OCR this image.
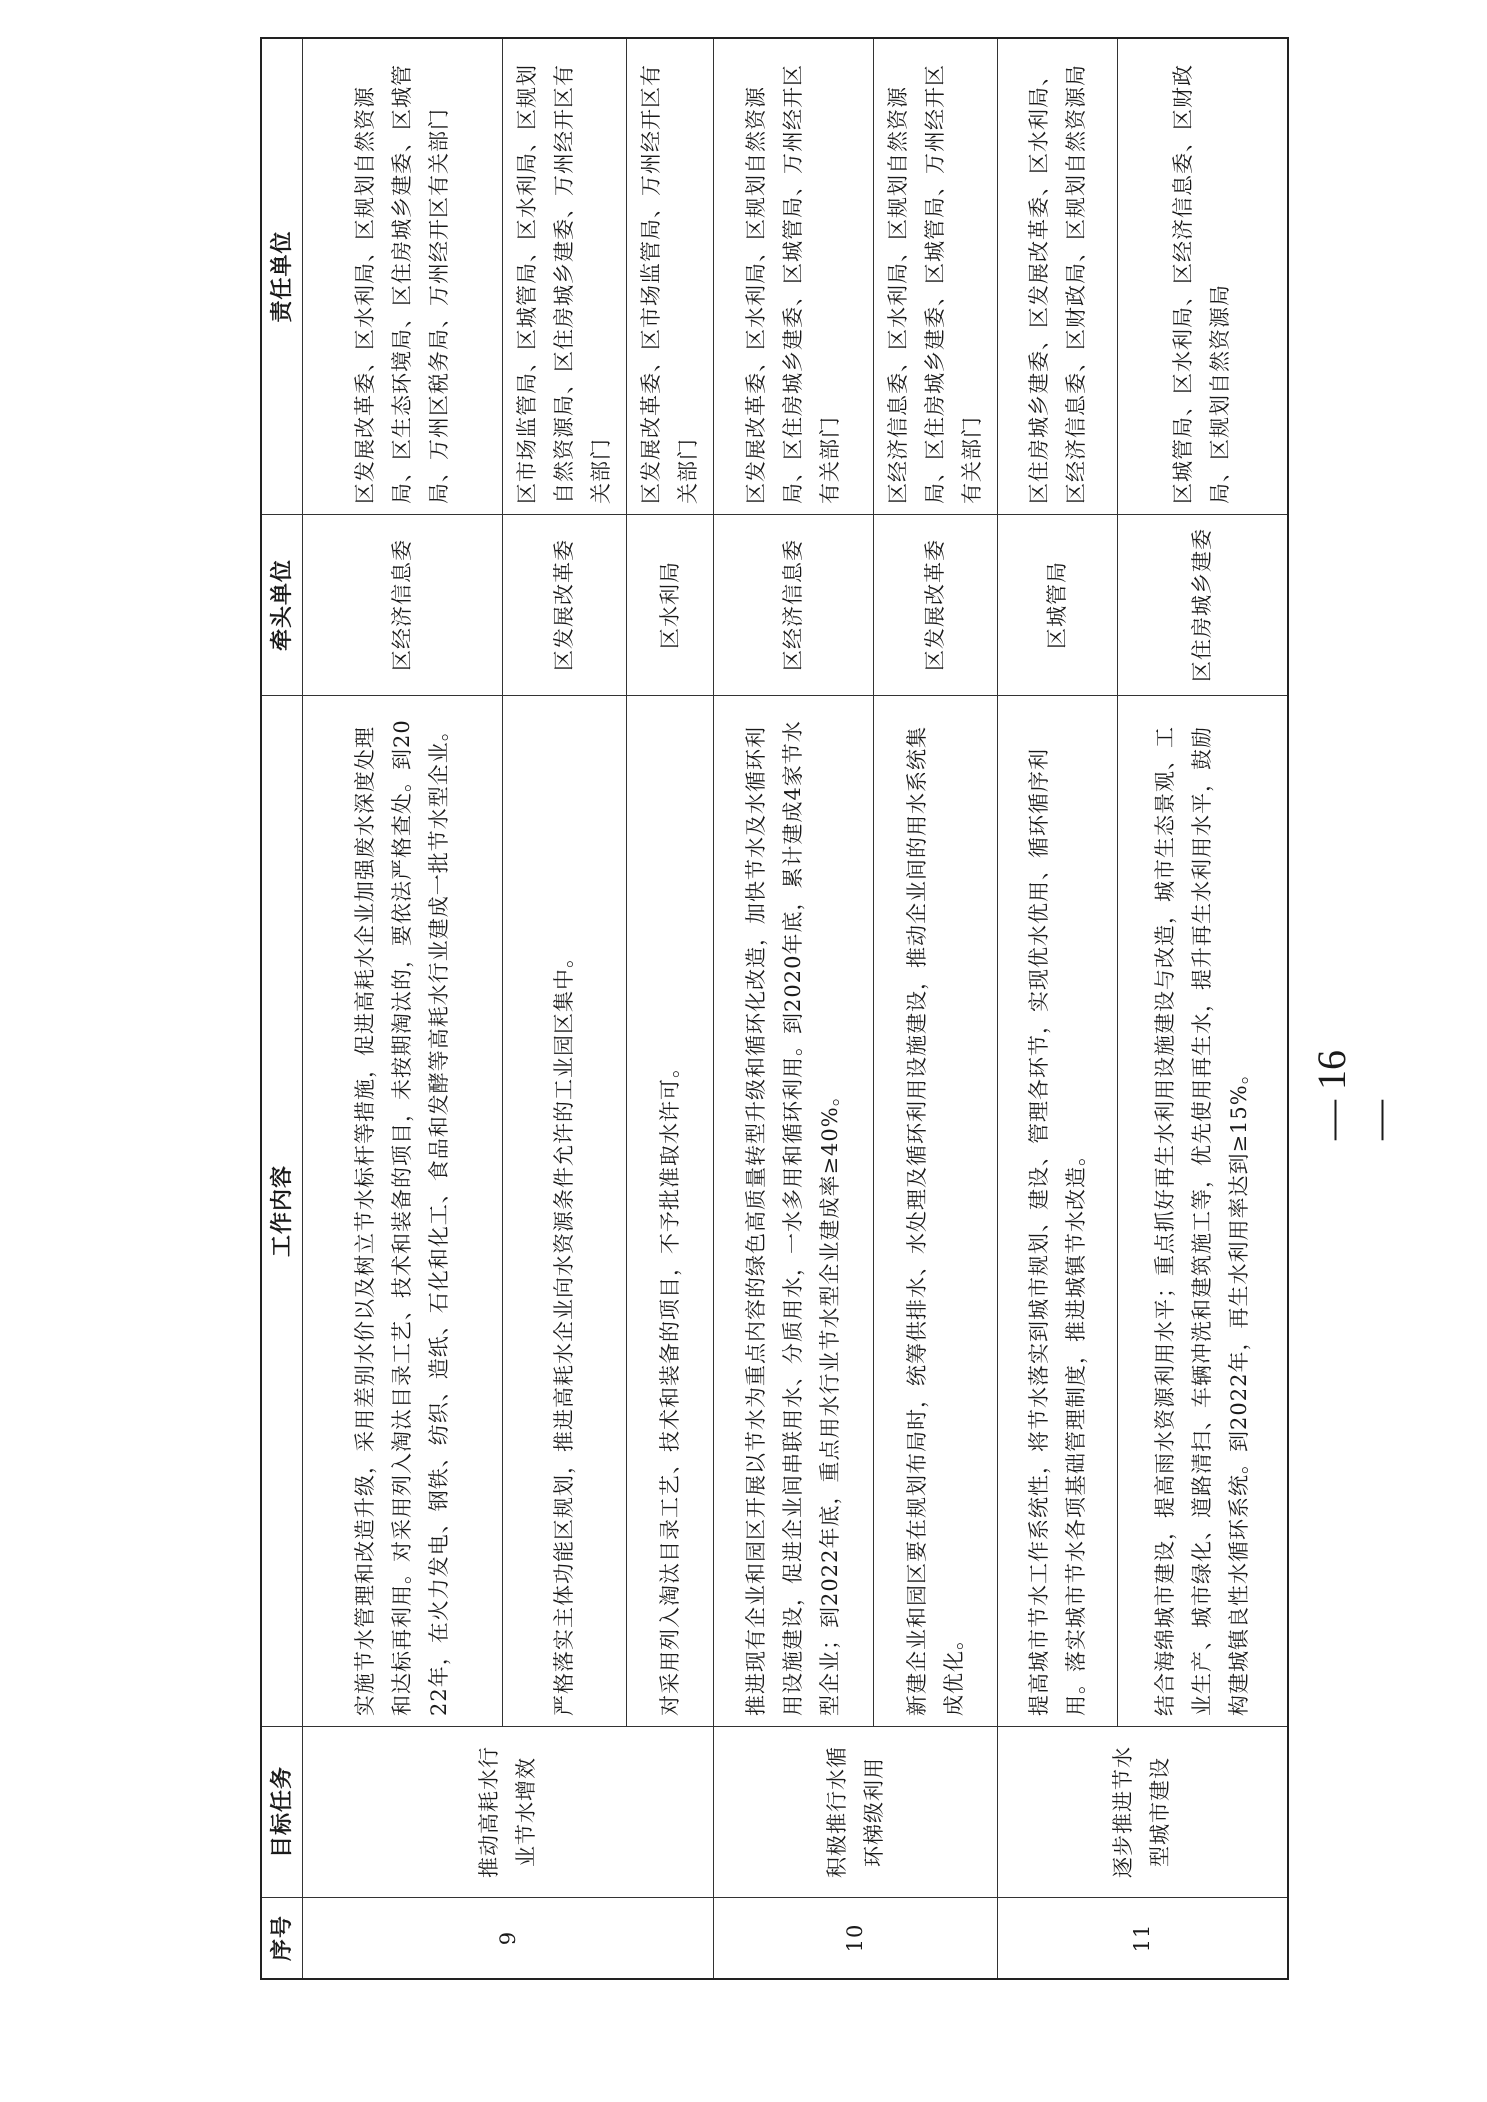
序号	目标任务	工作内容	牵头单位	责任单位
9	推动高耗水行业节水增效	实施节水管理和改造升级，采用差别水价以及树立节水标杆等措施，促进高耗水企业加强废水深度处理和达标再利用。对采用列入淘汰目录工艺、技术和装备的项目，未按期淘汰的，要依法严格查处。到2022年，在火力发电、钢铁、纺织、造纸、石化和化工、食品和发酵等高耗水行业建成一批节水型企业。	区经济信息委	区发展改革委、区水利局、区规划自然资源局、区生态环境局、区住房城乡建委、区城管局、万州区税务局、万州经开区有关部门
		严格落实主体功能区规划，推进高耗水企业向水资源条件允许的工业园区集中。	区发展改革委	区市场监管局、区城管局、区水利局、区规划自然资源局、区住房城乡建委、万州经开区有关部门
		对采用列入淘汰目录工艺、技术和装备的项目，不予批准取水许可。	区水利局	区发展改革委、区市场监管局、万州经开区有关部门
10	积极推行水循环梯级利用	推进现有企业和园区开展以节水为重点内容的绿色高质量转型升级和循环化改造，加快节水及水循环利用设施建设，促进企业间串联用水、分质用水，一水多用和循环利用。到2020年底，累计建成4家节水型企业；到2022年底，重点用水行业节水型企业建成率≥40%。	区经济信息委	区发展改革委、区水利局、区规划自然资源局、区住房城乡建委、区城管局、万州经开区有关部门
		新建企业和园区要在规划布局时，统筹供排水、水处理及循环利用设施建设，推动企业间的用水系统集成优化。	区发展改革委	区经济信息委、区水利局、区规划自然资源局、区住房城乡建委、区城管局、万州经开区有关部门
11	逐步推进节水型城市建设	提高城市节水工作系统性，将节水落实到城市规划、建设、管理各环节，实现优水优用、循环循序利用。落实城市节水各项基础管理制度，推进城镇节水改造。	区城管局	区住房城乡建委、区发展改革委、区水利局、区经济信息委、区财政局、区规划自然资源局
		结合海绵城市建设，提高雨水资源利用水平；重点抓好再生水利用设施建设与改造，城市生态景观、工业生产、城市绿化、道路清扫、车辆冲洗和建筑施工等，优先使用再生水，提升再生水利用水平，鼓励构建城镇良性水循环系统。到2022年，再生水利用率达到≥15%。	区住房城乡建委	区城管局、区水利局、区经济信息委、区财政局、区规划自然资源局
— 16 —
